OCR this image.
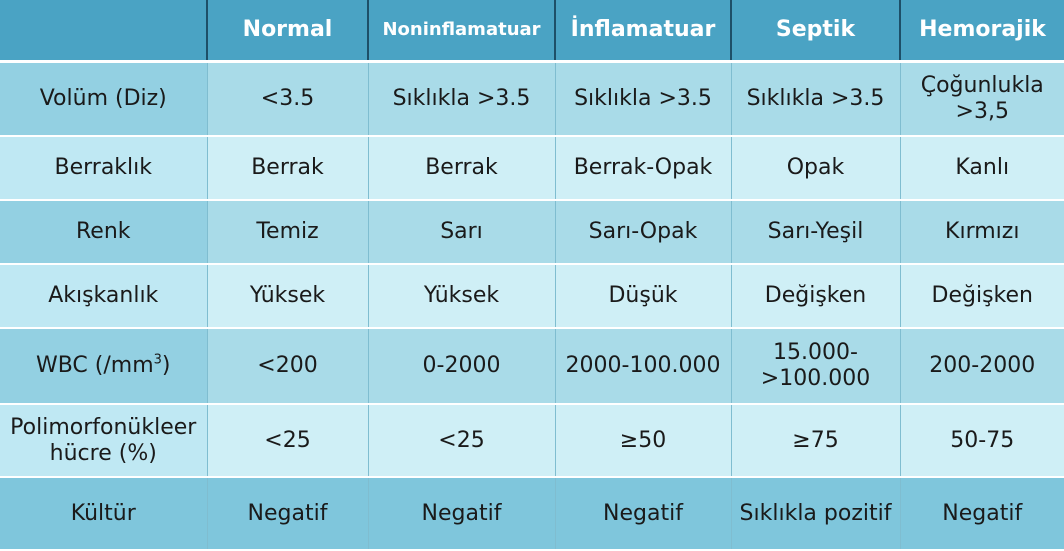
	Normal	Noninflamatuar	İnflamatuar	Septik	Hemorajik
Volüm (Diz)	<3.5	Sıklıkla >3.5	Sıklıkla >3.5	Sıklıkla >3.5	Çoğunlukla >3,5
Berraklık	Berrak	Berrak	Berrak-Opak	Opak	Kanlı
Renk	Temiz	Sarı	Sarı-Opak	Sarı-Yeşil	Kırmızı
Akışkanlık	Yüksek	Yüksek	Düşük	Değişken	Değişken
WBC $(/mm^3)$	<200	0-2000	2000-100.000	15.000- >100.000	200-2000
Polimorfonükleer hücre (%)	<25	<25	≥50	≥75	50-75
Kültür	Negatif	Negatif	Negatif	Sıklıkla pozitif	Negatif
